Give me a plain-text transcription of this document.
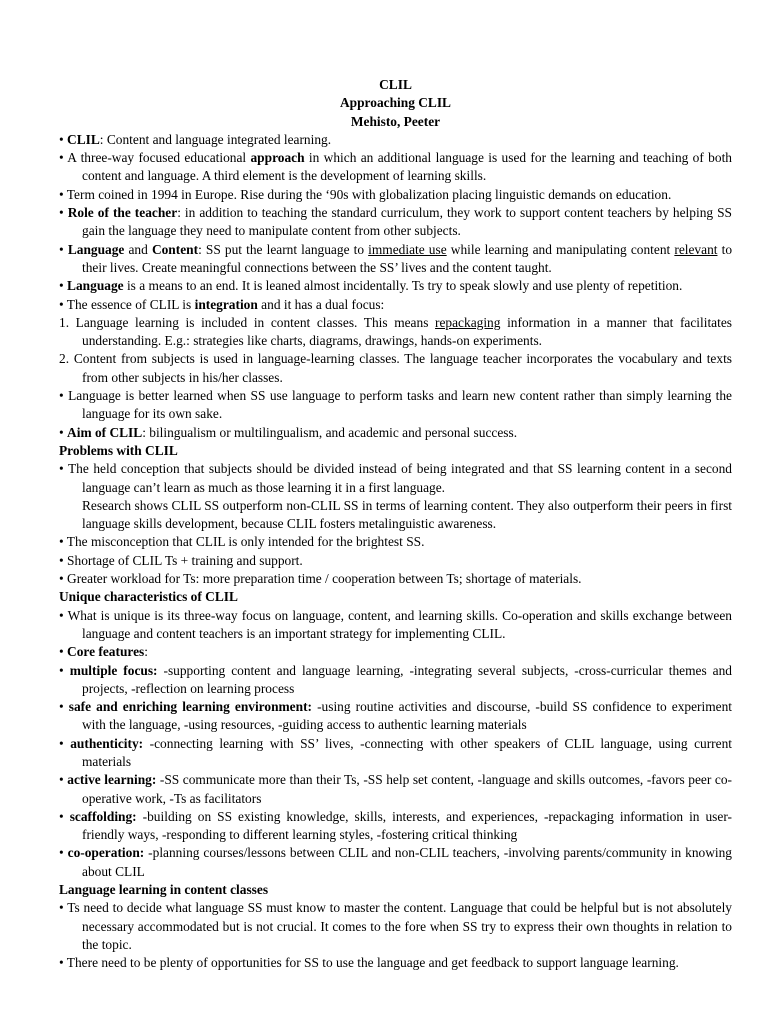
CLIL
Approaching CLIL
Mehisto, Peeter

• CLIL: Content and language integrated learning.

• A three-way focused educational approach in which an additional language is used for the learning and teaching of both content and language. A third element is the development of learning skills.

• Term coined in 1994 in Europe. Rise during the ‘90s with globalization placing linguistic demands on education.

• Role of the teacher: in addition to teaching the standard curriculum, they work to support content teachers by helping SS gain the language they need to manipulate content from other subjects.

• Language and Content: SS put the learnt language to immediate use while learning and manipulating content relevant to their lives. Create meaningful connections between the SS’ lives and the content taught.

• Language is a means to an end. It is leaned almost incidentally. Ts try to speak slowly and use plenty of repetition.

• The essence of CLIL is integration and it has a dual focus:

1. Language learning is included in content classes. This means repackaging information in a manner that facilitates understanding. E.g.: strategies like charts, diagrams, drawings, hands-on experiments.

2. Content from subjects is used in language-learning classes. The language teacher incorporates the vocabulary and texts from other subjects in his/her classes.

• Language is better learned when SS use language to perform tasks and learn new content rather than simply learning the language for its own sake.

• Aim of CLIL: bilingualism or multilingualism, and academic and personal success.

Problems with CLIL

• The held conception that subjects should be divided instead of being integrated and that SS learning content in a second language can’t learn as much as those learning it in a first language.

Research shows CLIL SS outperform non-CLIL SS in terms of learning content. They also outperform their peers in first language skills development, because CLIL fosters metalinguistic awareness.

• The misconception that CLIL is only intended for the brightest SS.

• Shortage of CLIL Ts + training and support.

• Greater workload for Ts: more preparation time / cooperation between Ts; shortage of materials.

Unique characteristics of CLIL

• What is unique is its three-way focus on language, content, and learning skills. Co-operation and skills exchange between language and content teachers is an important strategy for implementing CLIL.

• Core features:

• multiple focus: -supporting content and language learning, -integrating several subjects, -cross-curricular themes and projects, -reflection on learning process

• safe and enriching learning environment: -using routine activities and discourse, -build SS confidence to experiment with the language, -using resources, -guiding access to authentic learning materials

• authenticity: -connecting learning with SS’ lives, -connecting with other speakers of CLIL language, using current materials

• active learning: -SS communicate more than their Ts, -SS help set content, -language and skills outcomes, -favors peer co-operative work, -Ts as facilitators

• scaffolding: -building on SS existing knowledge, skills, interests, and experiences, -repackaging information in user-friendly ways, -responding to different learning styles, -fostering critical thinking

• co-operation: -planning courses/lessons between CLIL and non-CLIL teachers, -involving parents/community in knowing about CLIL

Language learning in content classes

• Ts need to decide what language SS must know to master the content. Language that could be helpful but is not absolutely necessary accommodated but is not crucial. It comes to the fore when SS try to express their own thoughts in relation to the topic.

• There need to be plenty of opportunities for SS to use the language and get feedback to support language learning.
